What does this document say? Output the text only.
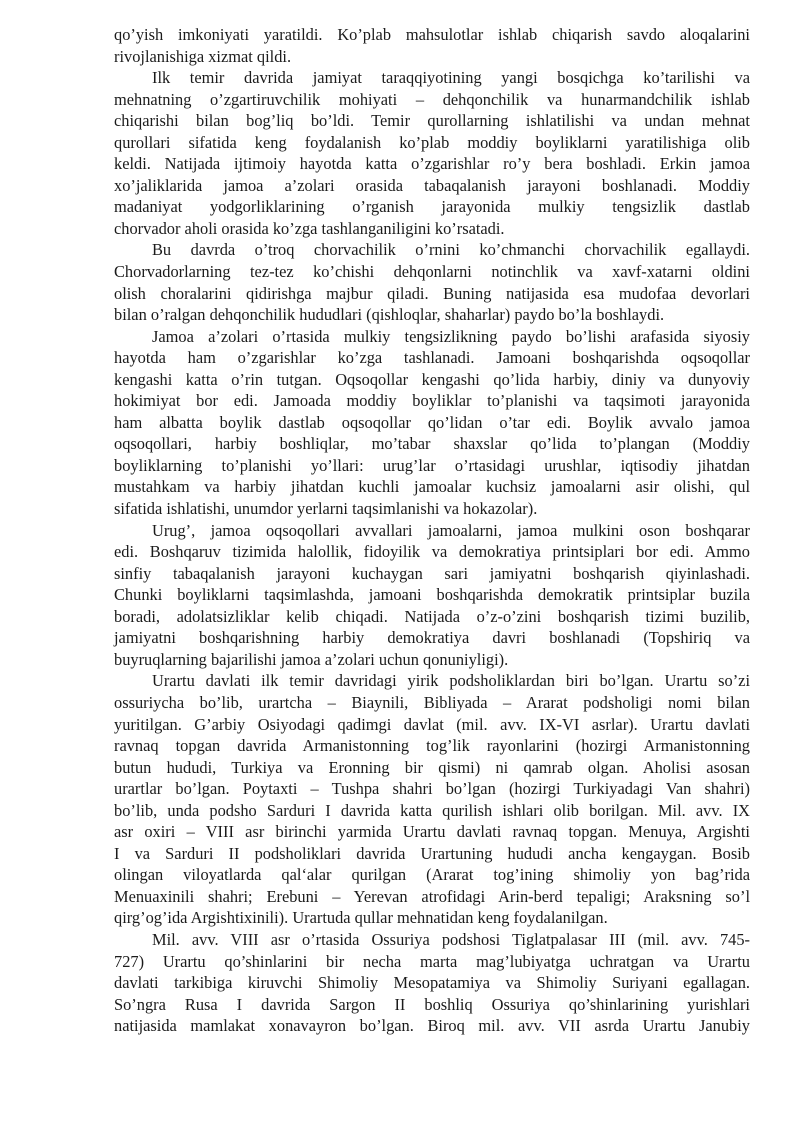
qo’yish imkoniyati yaratildi. Ko’plab mahsulotlar ishlab chiqarish savdo aloqalarini
rivojlanishiga xizmat qildi.
Ilk temir davrida jamiyat taraqqiyotining yangi bosqichga ko’tarilishi va
mehnatning o’zgartiruvchilik mohiyati – dehqonchilik va hunarmandchilik ishlab
chiqarishi bilan bog’liq bo’ldi. Temir qurollarning ishlatilishi va undan mehnat
qurollari sifatida keng foydalanish ko’plab moddiy boyliklarni yaratilishiga olib
keldi. Natijada ijtimoiy hayotda katta o’zgarishlar ro’y bera boshladi. Erkin jamoa
xo’jaliklarida jamoa a’zolari orasida tabaqalanish jarayoni boshlanadi. Moddiy
madaniyat yodgorliklarining o’rganish jarayonida mulkiy tengsizlik dastlab
chorvador aholi orasida ko’zga tashlanganiligini ko’rsatadi.
Bu davrda o’troq chorvachilik o’rnini ko’chmanchi chorvachilik egallaydi.
Chorvadorlarning tez-tez ko’chishi dehqonlarni notinchlik va xavf-xatarni oldini
olish choralarini qidirishga majbur qiladi. Buning natijasida esa mudofaa devorlari
bilan o’ralgan dehqonchilik hududlari (qishloqlar, shaharlar) paydo bo’la boshlaydi.
Jamoa a’zolari o’rtasida mulkiy tengsizlikning paydo bo’lishi arafasida siyosiy
hayotda ham o’zgarishlar ko’zga tashlanadi. Jamoani boshqarishda oqsoqollar
kengashi katta o’rin tutgan. Oqsoqollar kengashi qo’lida harbiy, diniy va dunyoviy
hokimiyat bor edi. Jamoada moddiy boyliklar to’planishi va taqsimoti jarayonida
ham albatta boylik dastlab oqsoqollar qo’lidan o’tar edi. Boylik avvalo jamoa
oqsoqollari, harbiy boshliqlar, mo’tabar shaxslar qo’lida to’plangan (Moddiy
boyliklarning to’planishi yo’llari: urug’lar o’rtasidagi urushlar, iqtisodiy jihatdan
mustahkam va harbiy jihatdan kuchli jamoalar kuchsiz jamoalarni asir olishi, qul
sifatida ishlatishi, unumdor yerlarni taqsimlanishi va hokazolar).
Urug’, jamoa oqsoqollari avvallari jamoalarni, jamoa mulkini oson boshqarar
edi. Boshqaruv tizimida halollik, fidoyilik va demokratiya printsiplari bor edi. Ammo
sinfiy tabaqalanish jarayoni kuchaygan sari jamiyatni boshqarish qiyinlashadi.
Chunki boyliklarni taqsimlashda, jamoani boshqarishda demokratik printsiplar buzila
boradi, adolatsizliklar kelib chiqadi. Natijada o’z-o’zini boshqarish tizimi buzilib,
jamiyatni boshqarishning harbiy demokratiya davri boshlanadi (Topshiriq va
buyruqlarning bajarilishi jamoa a’zolari uchun qonuniyligi).
Urartu davlati ilk temir davridagi yirik podsholiklardan biri bo’lgan. Urartu so’zi
ossuriycha bo’lib, urartcha – Biaynili, Bibliyada – Ararat podsholigi nomi bilan
yuritilgan. G’arbiy Osiyodagi qadimgi davlat (mil. avv. IX-VI asrlar). Urartu davlati
ravnaq topgan davrida Armanistonning tog’lik rayonlarini (hozirgi Armanistonning
butun hududi, Turkiya va Eronning bir qismi) ni qamrab olgan. Aholisi asosan
urartlar bo’lgan. Poytaxti – Tushpa shahri bo’lgan (hozirgi Turkiyadagi Van shahri)
bo’lib, unda podsho Sarduri I davrida katta qurilish ishlari olib borilgan. Mil. avv. IX
asr oxiri – VIII asr birinchi yarmida Urartu davlati ravnaq topgan. Menuya, Argishti
I va Sarduri II podsholiklari davrida Urartuning hududi ancha kengaygan. Bosib
olingan viloyatlarda qal‘alar qurilgan (Ararat tog’ining shimoliy yon bag’rida
Menuaxinili shahri; Erebuni – Yerevan atrofidagi Arin-berd tepaligi; Araksning so’l
qirg’og’ida Argishtixinili). Urartuda qullar mehnatidan keng foydalanilgan.
Mil. avv. VIII asr o’rtasida Ossuriya podshosi Tiglatpalasar III (mil. avv. 745-
727) Urartu qo’shinlarini bir necha marta mag’lubiyatga uchratgan va Urartu
davlati tarkibiga kiruvchi Shimoliy Mesopatamiya va Shimoliy Suriyani egallagan.
So’ngra Rusa I davrida Sargon II boshliq Ossuriya qo’shinlarining yurishlari
natijasida mamlakat xonavayron bo’lgan. Biroq mil. avv. VII asrda Urartu Janubiy
